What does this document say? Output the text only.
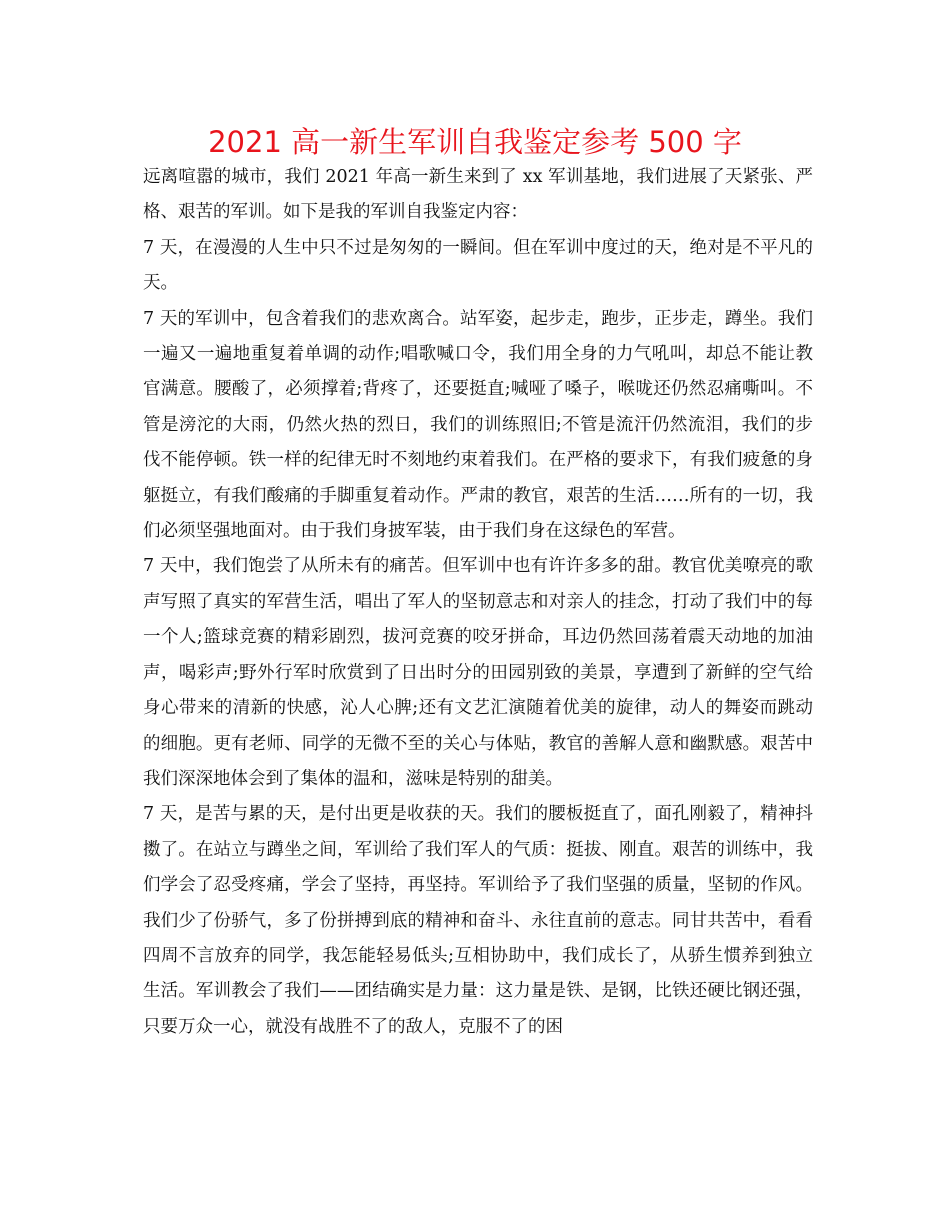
2021 高一新生军训自我鉴定参考 500 字

远离喧嚣的城市，我们 2021 年高一新生来到了 xx 军训基地，我们进展了天紧张、严格、艰苦的军训。如下是我的军训自我鉴定内容：

7 天，在漫漫的人生中只不过是匆匆的一瞬间。但在军训中度过的天，绝对是不平凡的天。

7 天的军训中，包含着我们的悲欢离合。站军姿，起步走，跑步，正步走，蹲坐。我们一遍又一遍地重复着单调的动作;唱歌喊口令，我们用全身的力气吼叫，却总不能让教官满意。腰酸了，必须撑着;背疼了，还要挺直;喊哑了嗓子，喉咙还仍然忍痛嘶叫。不管是滂沱的大雨，仍然火热的烈日，我们的训练照旧;不管是流汗仍然流泪，我们的步伐不能停顿。铁一样的纪律无时不刻地约束着我们。在严格的要求下，有我们疲惫的身躯挺立，有我们酸痛的手脚重复着动作。严肃的教官，艰苦的生活……所有的一切，我们必须坚强地面对。由于我们身披军装，由于我们身在这绿色的军营。

7 天中，我们饱尝了从所未有的痛苦。但军训中也有许许多多的甜。教官优美嘹亮的歌声写照了真实的军营生活，唱出了军人的坚韧意志和对亲人的挂念，打动了我们中的每一个人;篮球竞赛的精彩剧烈，拔河竞赛的咬牙拼命，耳边仍然回荡着震天动地的加油声，喝彩声;野外行军时欣赏到了日出时分的田园别致的美景，享遭到了新鲜的空气给身心带来的清新的快感，沁人心脾;还有文艺汇演随着优美的旋律，动人的舞姿而跳动的细胞。更有老师、同学的无微不至的关心与体贴，教官的善解人意和幽默感。艰苦中我们深深地体会到了集体的温和，滋味是特别的甜美。

7 天，是苦与累的天，是付出更是收获的天。我们的腰板挺直了，面孔刚毅了，精神抖擞了。在站立与蹲坐之间，军训给了我们军人的气质：挺拔、刚直。艰苦的训练中，我们学会了忍受疼痛，学会了坚持，再坚持。军训给予了我们坚强的质量，坚韧的作风。我们少了份骄气，多了份拼搏到底的精神和奋斗、永往直前的意志。同甘共苦中，看看四周不言放弃的同学，我怎能轻易低头;互相协助中，我们成长了，从骄生惯养到独立生活。军训教会了我们——团结确实是力量：这力量是铁、是钢，比铁还硬比钢还强，只要万众一心，就没有战胜不了的敌人，克服不了的困
